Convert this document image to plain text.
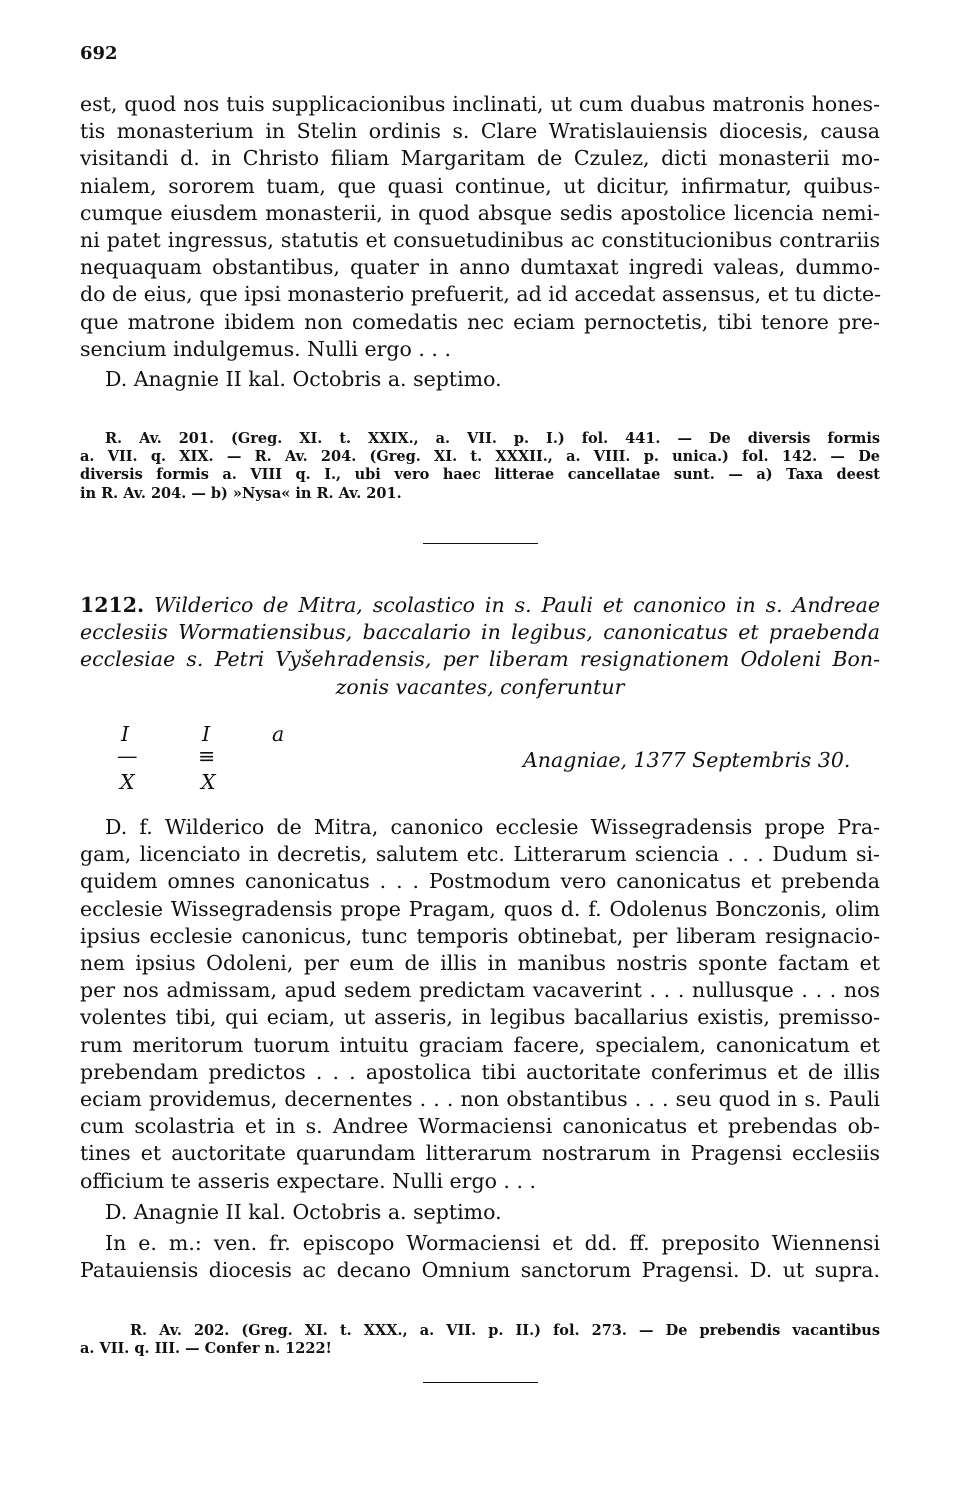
692
est, quod nos tuis supplicacionibus inclinati, ut cum duabus matronis hones-
tis monasterium in Stelin ordinis s. Clare Wratislauiensis diocesis, causa
visitandi d. in Christo filiam Margaritam de Czulez, dicti monasterii mo-
nialem, sororem tuam, que quasi continue, ut dicitur, infirmatur, quibus-
cumque eiusdem monasterii, in quod absque sedis apostolice licencia nemi-
ni patet ingressus, statutis et consuetudinibus ac constitucionibus contrariis
nequaquam obstantibus, quater in anno dumtaxat ingredi valeas, dummo-
do de eius, que ipsi monasterio prefuerit, ad id accedat assensus, et tu dicte-
que matrone ibidem non comedatis nec eciam pernoctetis, tibi tenore pre-
sencium indulgemus. Nulli ergo . . .
D. Anagnie II kal. Octobris a. septimo.
R. Av. 201. (Greg. XI. t. XXIX., a. VII. p. I.) fol. 441. — De diversis formis
a. VII. q. XIX. — R. Av. 204. (Greg. XI. t. XXXII., a. VIII. p. unica.) fol. 142. — De
diversis formis a. VIII q. I., ubi vero haec litterae cancellatae sunt. — a) Taxa deest
in R. Av. 204. — b) »Nysa« in R. Av. 201.
1212. Wilderico de Mitra, scolastico in s. Pauli et canonico in s. Andreae
ecclesiis Wormatiensibus, baccalario in legibus, canonicatus et praebenda
ecclesiae s. Petri Vyšehradensis, per liberam resignationem Odoleni Bon-
zonis vacantes, conferuntur
I
—
X
I
≡
X
a
Anagniae, 1377 Septembris 30.
D. f. Wilderico de Mitra, canonico ecclesie Wissegradensis prope Pra-
gam, licenciato in decretis, salutem etc. Litterarum sciencia . . . Dudum si-
quidem omnes canonicatus . . . Postmodum vero canonicatus et prebenda
ecclesie Wissegradensis prope Pragam, quos d. f. Odolenus Bonczonis, olim
ipsius ecclesie canonicus, tunc temporis obtinebat, per liberam resignacio-
nem ipsius Odoleni, per eum de illis in manibus nostris sponte factam et
per nos admissam, apud sedem predictam vacaverint . . . nullusque . . . nos
volentes tibi, qui eciam, ut asseris, in legibus bacallarius existis, premisso-
rum meritorum tuorum intuitu graciam facere, specialem, canonicatum et
prebendam predictos . . . apostolica tibi auctoritate conferimus et de illis
eciam providemus, decernentes . . . non obstantibus . . . seu quod in s. Pauli
cum scolastria et in s. Andree Wormaciensi canonicatus et prebendas ob-
tines et auctoritate quarundam litterarum nostrarum in Pragensi ecclesiis
officium te asseris expectare. Nulli ergo . . .
D. Anagnie II kal. Octobris a. septimo.
In e. m.: ven. fr. episcopo Wormaciensi et dd. ff. preposito Wiennensi
Patauiensis diocesis ac decano Omnium sanctorum Pragensi. D. ut supra.
R. Av. 202. (Greg. XI. t. XXX., a. VII. p. II.) fol. 273. — De prebendis vacantibus
a. VII. q. III. — Confer n. 1222!
